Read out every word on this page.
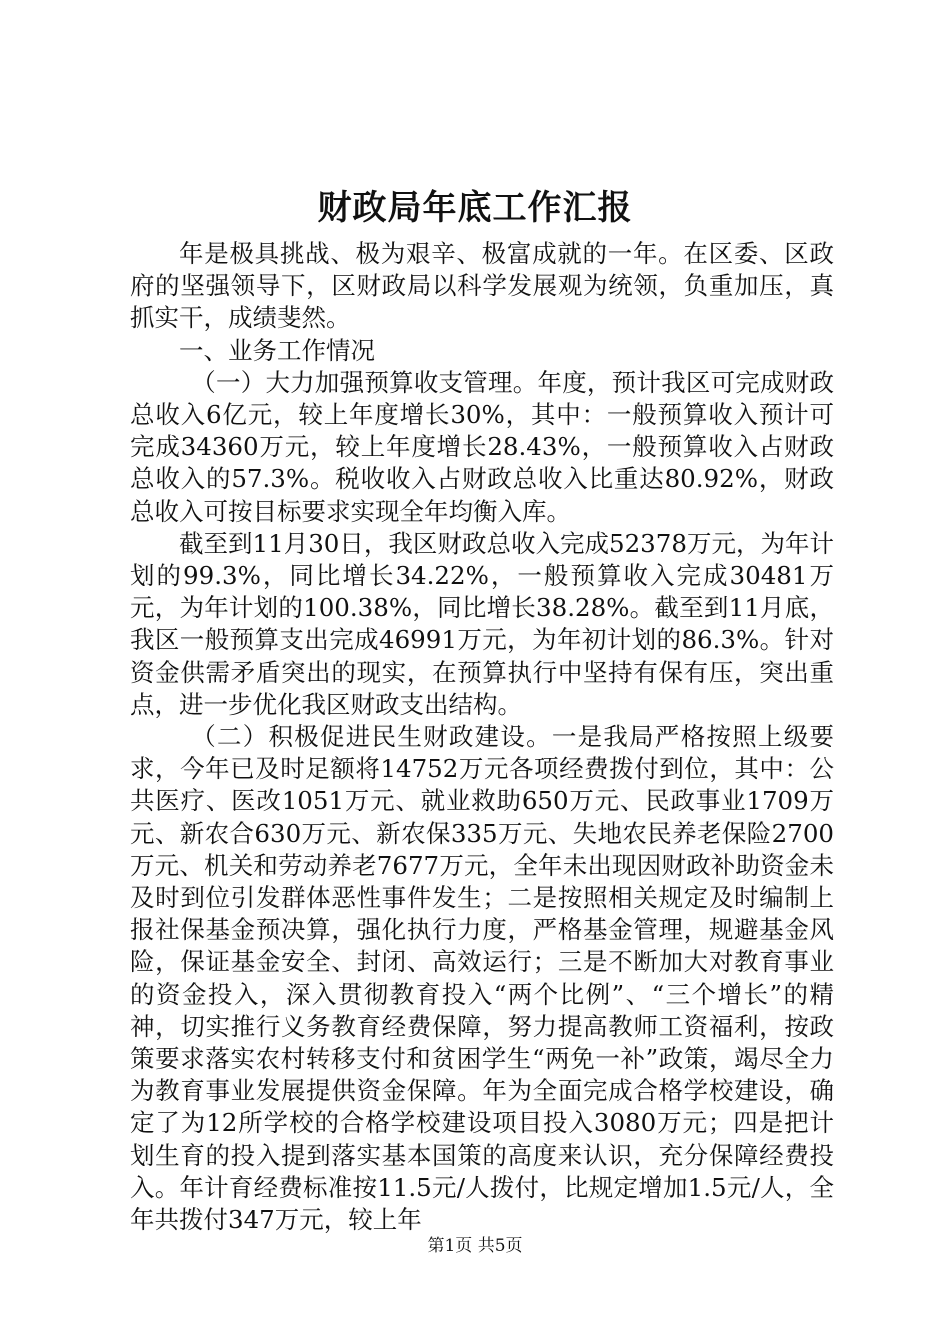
财政局年底工作汇报

年是极具挑战、极为艰辛、极富成就的一年。在区委、区政府的坚强领导下，区财政局以科学发展观为统领，负重加压，真抓实干，成绩斐然。

一、业务工作情况

（一）大力加强预算收支管理。年度，预计我区可完成财政总收入6亿元，较上年度增长30%，其中：一般预算收入预计可完成34360万元，较上年度增长28.43%，一般预算收入占财政总收入的57.3%。税收收入占财政总收入比重达80.92%，财政总收入可按目标要求实现全年均衡入库。

截至到11月30日，我区财政总收入完成52378万元，为年计划的99.3%，同比增长34.22%，一般预算收入完成30481万元，为年计划的100.38%，同比增长38.28%。截至到11月底，我区一般预算支出完成46991万元，为年初计划的86.3%。针对资金供需矛盾突出的现实，在预算执行中坚持有保有压，突出重点，进一步优化我区财政支出结构。

（二）积极促进民生财政建设。一是我局严格按照上级要求，今年已及时足额将14752万元各项经费拨付到位，其中：公共医疗、医改1051万元、就业救助650万元、民政事业1709万元、新农合630万元、新农保335万元、失地农民养老保险2700万元、机关和劳动养老7677万元，全年未出现因财政补助资金未及时到位引发群体恶性事件发生；二是按照相关规定及时编制上报社保基金预决算，强化执行力度，严格基金管理，规避基金风险，保证基金安全、封闭、高效运行；三是不断加大对教育事业的资金投入，深入贯彻教育投入“两个比例”、“三个增长”的精神，切实推行义务教育经费保障，努力提高教师工资福利，按政策要求落实农村转移支付和贫困学生“两免一补”政策，竭尽全力为教育事业发展提供资金保障。年为全面完成合格学校建设，确定了为12所学校的合格学校建设项目投入3080万元；四是把计划生育的投入提到落实基本国策的高度来认识，充分保障经费投入。年计育经费标准按11.5元/人拨付，比规定增加1.5元/人，全年共拨付347万元，较上年

第1页 共5页
